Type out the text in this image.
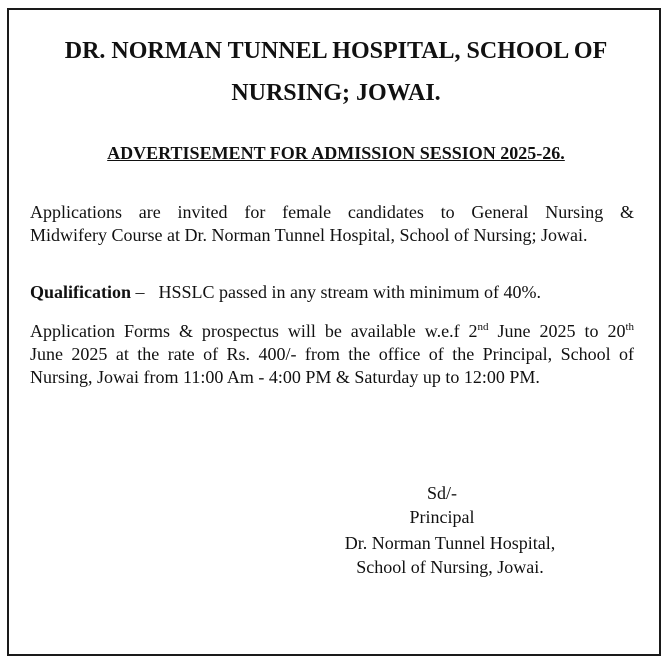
DR. NORMAN TUNNEL HOSPITAL, SCHOOL OF
NURSING; JOWAI.
ADVERTISEMENT FOR ADMISSION SESSION 2025-26.

Applications are invited for female candidates to General Nursing &
Midwifery Course at Dr. Norman Tunnel Hospital, School of Nursing; Jowai.

Qualification – HSSLC passed in any stream with minimum of 40%.

Application Forms & prospectus will be available w.e.f 2nd June 2025 to 20th
June 2025 at the rate of Rs. 400/- from the office of the Principal, School of
Nursing, Jowai from 11:00 Am - 4:00 PM & Saturday up to 12:00 PM.

Sd/-

Principal

Dr. Norman Tunnel Hospital,

School of Nursing, Jowai.
